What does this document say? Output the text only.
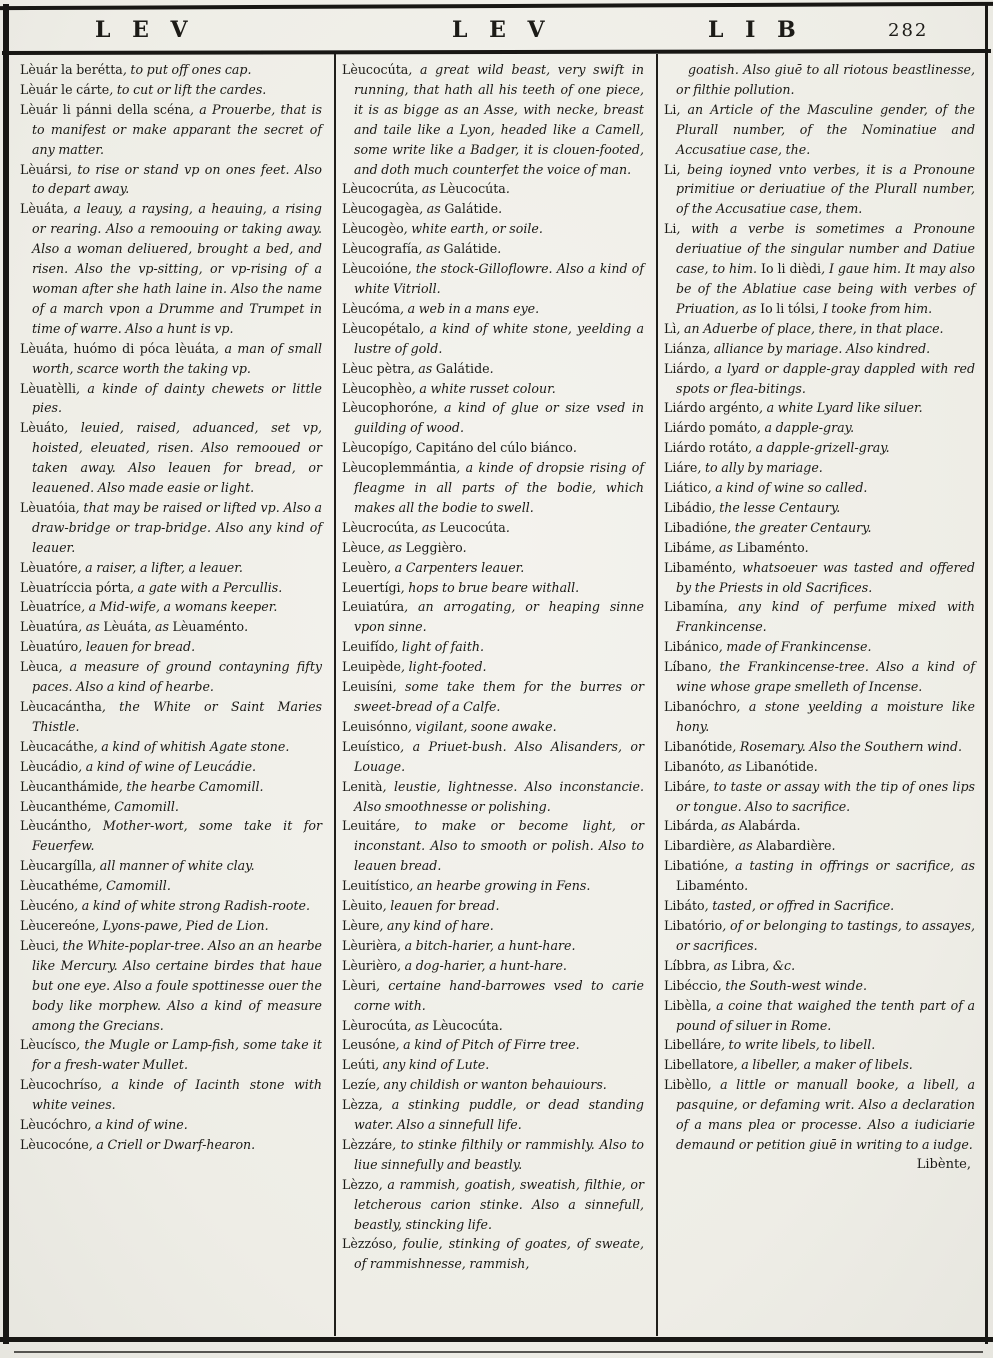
L E V	L E V	L I B	282

Lèuár la berétta, to put off ones cap.

Lèuár le cárte, to cut or lift the cardes.

Lèuár li pánni della scéna, a Prouerbe, that is to manifest or make apparant the secret of any matter.

Lèuársi, to rise or stand vp on ones feet. Also to depart away.

Lèuáta, a leauy, a raysing, a heauing, a rising or rearing. Also a remoouing or taking away. Also a woman deliuered, brought a bed, and risen. Also the vp-sitting, or vp-rising of a woman after she hath laine in. Also the name of a march vpon a Drumme and Trumpet in time of warre. Also a hunt is vp.

Lèuáta, huómo di póca lèuáta, a man of small worth, scarce worth the taking vp.

Lèuatèlli, a kinde of dainty chewets or little pies.

Lèuáto, leuied, raised, aduanced, set vp, hoisted, eleuated, risen. Also remooued or taken away. Also leauen for bread, or leauened. Also made easie or light.

Lèuatóia, that may be raised or lifted vp. Also a draw-bridge or trap-bridge. Also any kind of leauer.

Lèuatóre, a raiser, a lifter, a leauer.

Lèuatríccia pórta, a gate with a Percullis.

Lèuatríce, a Mid-wife, a womans keeper.

Lèuatúra, as Lèuáta, as Lèuaménto.

Lèuatúro, leauen for bread.

Lèuca, a measure of ground contayning fifty paces. Also a kind of hearbe.

Lèucacántha, the White or Saint Maries Thistle.

Lèucacáthe, a kind of whitish Agate stone.

Lèucádio, a kind of wine of Leucádie.

Lèucanthámide, the hearbe Camomill.

Lèucanthéme, Camomill.

Lèucántho, Mother-wort, some take it for Feuerfew.

Lèucargílla, all manner of white clay.

Lèucathéme, Camomill.

Lèucéno, a kind of white strong Radish-roote.

Lèucereóne, Lyons-pawe, Pied de Lion.

Lèuci, the White-poplar-tree. Also an an hearbe like Mercury. Also certaine birdes that haue but one eye. Also a foule spottinesse ouer the body like morphew. Also a kind of measure among the Grecians.

Lèucísco, the Mugle or Lamp-fish, some take it for a fresh-water Mullet.

Lèucochríso, a kinde of Iacinth stone with white veines.

Lèucóchro, a kind of wine.

Lèucocóne, a Criell or Dwarf-hearon.

Lèucocúta, a great wild beast, very swift in running, that hath all his teeth of one piece, it is as bigge as an Asse, with necke, breast and taile like a Lyon, headed like a Camell, some write like a Badger, it is clouen-footed, and doth much counterfet the voice of man.

Lèucocrúta, as Lèucocúta.

Lèucogagèa, as Galátide.

Lèucogèo, white earth, or soile.

Lèucografía, as Galátide.

Lèucoióne, the stock-Gilloflowre. Also a kind of white Vitrioll.

Lèucóma, a web in a mans eye.

Lèucopétalo, a kind of white stone, yeelding a lustre of gold.

Lèuc pètra, as Galátide.

Lèucophèo, a white russet colour.

Lèucophoróne, a kind of glue or size vsed in guilding of wood.

Lèucopígo, Capitáno del cúlo biánco.

Lèucoplemmántia, a kinde of dropsie rising of fleagme in all parts of the bodie, which makes all the bodie to swell.

Lèucrocúta, as Leucocúta.

Lèuce, as Leggièro.

Leuèro, a Carpenters leauer.

Leuertígi, hops to brue beare withall.

Leuiatúra, an arrogating, or heaping sinne vpon sinne.

Leuifído, light of faith.

Leuipède, light-footed.

Leuisíni, some take them for the burres or sweet-bread of a Calfe.

Leuisónno, vigilant, soone awake.

Leuístico, a Priuet-bush. Also Alisanders, or Louage.

Lenità, leustie, lightnesse. Also inconstancie. Also smoothnesse or polishing.

Leuitáre, to make or become light, or inconstant. Also to smooth or polish. Also to leauen bread.

Leuitístico, an hearbe growing in Fens.

Lèuito, leauen for bread.

Lèure, any kind of hare.

Lèurièra, a bitch-harier, a hunt-hare.

Lèurièro, a dog-harier, a hunt-hare.

Lèuri, certaine hand-barrowes vsed to carie corne with.

Lèurocúta, as Lèucocúta.

Leusóne, a kind of Pitch of Firre tree.

Leúti, any kind of Lute.

Lezíe, any childish or wanton behauiours.

Lèzza, a stinking puddle, or dead standing water. Also a sinnefull life.

Lèzzáre, to stinke filthily or rammishly. Also to liue sinnefully and beastly.

Lèzzo, a rammish, goatish, sweatish, filthie, or letcherous carion stinke. Also a sinnefull, beastly, stincking life.

Lèzzóso, foulie, stinking of goates, of sweate, of rammishnesse, rammish,

goatish. Also giuē to all riotous beastlinesse, or filthie pollution.

Li, an Article of the Masculine gender, of the Plurall number, of the Nominatiue and Accusatiue case, the.

Li, being ioyned vnto verbes, it is a Pronoune primitiue or deriuatiue of the Plurall number, of the Accusatiue case, them.

Li, with a verbe is sometimes a Pronoune deriuatiue of the singular number and Datiue case, to him. Io li dièdi, I gaue him. It may also be of the Ablatiue case being with verbes of Priuation, as Io li tólsi, I tooke from him.

Lì, an Aduerbe of place, there, in that place.

Liánza, alliance by mariage. Also kindred.

Liárdo, a lyard or dapple-gray dappled with red spots or flea-bitings.

Liárdo argénto, a white Lyard like siluer.

Liárdo pomáto, a dapple-gray.

Liárdo rotáto, a dapple-grizell-gray.

Liáre, to ally by mariage.

Liático, a kind of wine so called.

Libádio, the lesse Centaury.

Libadióne, the greater Centaury.

Libáme, as Libaménto.

Libaménto, whatsoeuer was tasted and offered by the Priests in old Sacrifices.

Libamína, any kind of perfume mixed with Frankincense.

Libánico, made of Frankincense.

Líbano, the Frankincense-tree. Also a kind of wine whose grape smelleth of Incense.

Libanóchro, a stone yeelding a moisture like hony.

Libanótide, Rosemary. Also the Southern wind.

Libanóto, as Libanótide.

Libáre, to taste or assay with the tip of ones lips or tongue. Also to sacrifice.

Libárda, as Alabárda.

Libardière, as Alabardière.

Libatióne, a tasting in offrings or sacrifice, as Libaménto.

Libáto, tasted, or offred in Sacrifice.

Libatório, of or belonging to tastings, to assayes, or sacrifices.

Líbbra, as Libra, &c.

Libéccio, the South-west winde.

Libèlla, a coine that waighed the tenth part of a pound of siluer in Rome.

Libelláre, to write libels, to libell.

Libellatore, a libeller, a maker of libels.

Libèllo, a little or manuall booke, a libell, a pasquine, or defaming writ. Also a declaration of a mans plea or processe. Also a iudiciarie demaund or petition giuē in writing to a iudge.

Libènte,
